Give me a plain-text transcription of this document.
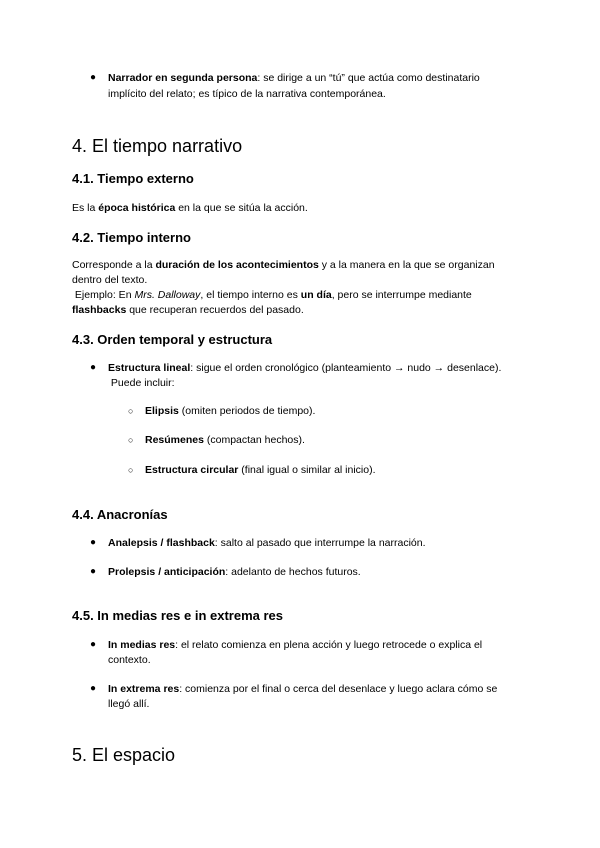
● Narrador en segunda persona: se dirige a un “tú” que actúa como destinatario
implícito del relato; es típico de la narrativa contemporánea.
4. El tiempo narrativo
4.1. Tiempo externo
Es la época histórica en la que se sitúa la acción.
4.2. Tiempo interno
Corresponde a la duración de los acontecimientos y a la manera en la que se organizan
dentro del texto.
Ejemplo: En Mrs. Dalloway, el tiempo interno es un día, pero se interrumpe mediante
flashbacks que recuperan recuerdos del pasado.
4.3. Orden temporal y estructura
● Estructura lineal: sigue el orden cronológico (planteamiento → nudo → desenlace).
Puede incluir:
○ Elipsis (omiten periodos de tiempo).
○ Resúmenes (compactan hechos).
○ Estructura circular (final igual o similar al inicio).
4.4. Anacronías
● Analepsis / flashback: salto al pasado que interrumpe la narración.
● Prolepsis / anticipación: adelanto de hechos futuros.
4.5. In medias res e in extrema res
● In medias res: el relato comienza en plena acción y luego retrocede o explica el
contexto.
● In extrema res: comienza por el final o cerca del desenlace y luego aclara cómo se
llegó allí.
5. El espacio
